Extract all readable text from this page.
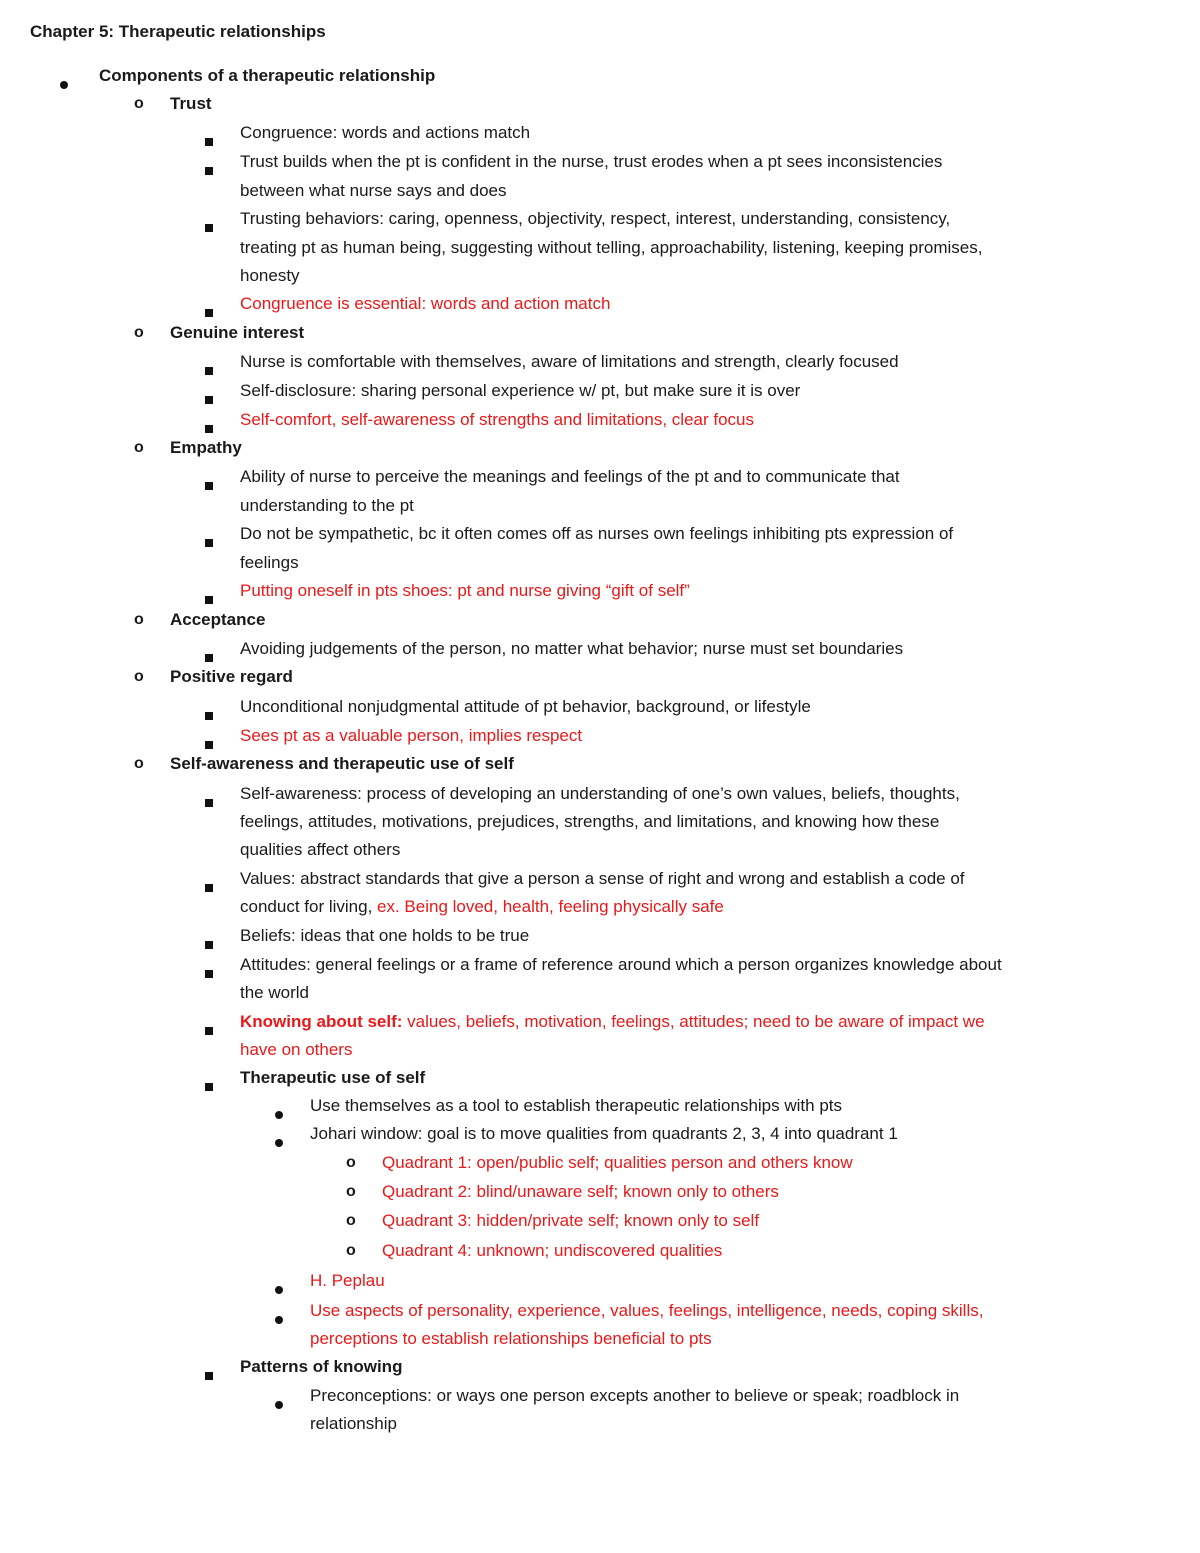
Chapter 5: Therapeutic relationships
Components of a therapeutic relationship
o Trust
Congruence: words and actions match
Trust builds when the pt is confident in the nurse, trust erodes when a pt sees inconsistencies
between what nurse says and does
Trusting behaviors: caring, openness, objectivity, respect, interest, understanding, consistency,
treating pt as human being, suggesting without telling, approachability, listening, keeping promises,
honesty
Congruence is essential: words and action match
o Genuine interest
Nurse is comfortable with themselves, aware of limitations and strength, clearly focused
Self-disclosure: sharing personal experience w/ pt, but make sure it is over
Self-comfort, self-awareness of strengths and limitations, clear focus
o Empathy
Ability of nurse to perceive the meanings and feelings of the pt and to communicate that
understanding to the pt
Do not be sympathetic, bc it often comes off as nurses own feelings inhibiting pts expression of
feelings
Putting oneself in pts shoes: pt and nurse giving “gift of self”
o Acceptance
Avoiding judgements of the person, no matter what behavior; nurse must set boundaries
o Positive regard
Unconditional nonjudgmental attitude of pt behavior, background, or lifestyle
Sees pt as a valuable person, implies respect
o Self-awareness and therapeutic use of self
Self-awareness: process of developing an understanding of one’s own values, beliefs, thoughts,
feelings, attitudes, motivations, prejudices, strengths, and limitations, and knowing how these
qualities affect others
Values: abstract standards that give a person a sense of right and wrong and establish a code of
conduct for living, ex. Being loved, health, feeling physically safe
Beliefs: ideas that one holds to be true
Attitudes: general feelings or a frame of reference around which a person organizes knowledge about
the world
Knowing about self: values, beliefs, motivation, feelings, attitudes; need to be aware of impact we
have on others
Therapeutic use of self
Use themselves as a tool to establish therapeutic relationships with pts
Johari window: goal is to move qualities from quadrants 2, 3, 4 into quadrant 1
o Quadrant 1: open/public self; qualities person and others know
o Quadrant 2: blind/unaware self; known only to others
o Quadrant 3: hidden/private self; known only to self
o Quadrant 4: unknown; undiscovered qualities
H. Peplau
Use aspects of personality, experience, values, feelings, intelligence, needs, coping skills,
perceptions to establish relationships beneficial to pts
Patterns of knowing
Preconceptions: or ways one person excepts another to believe or speak; roadblock in
relationship
